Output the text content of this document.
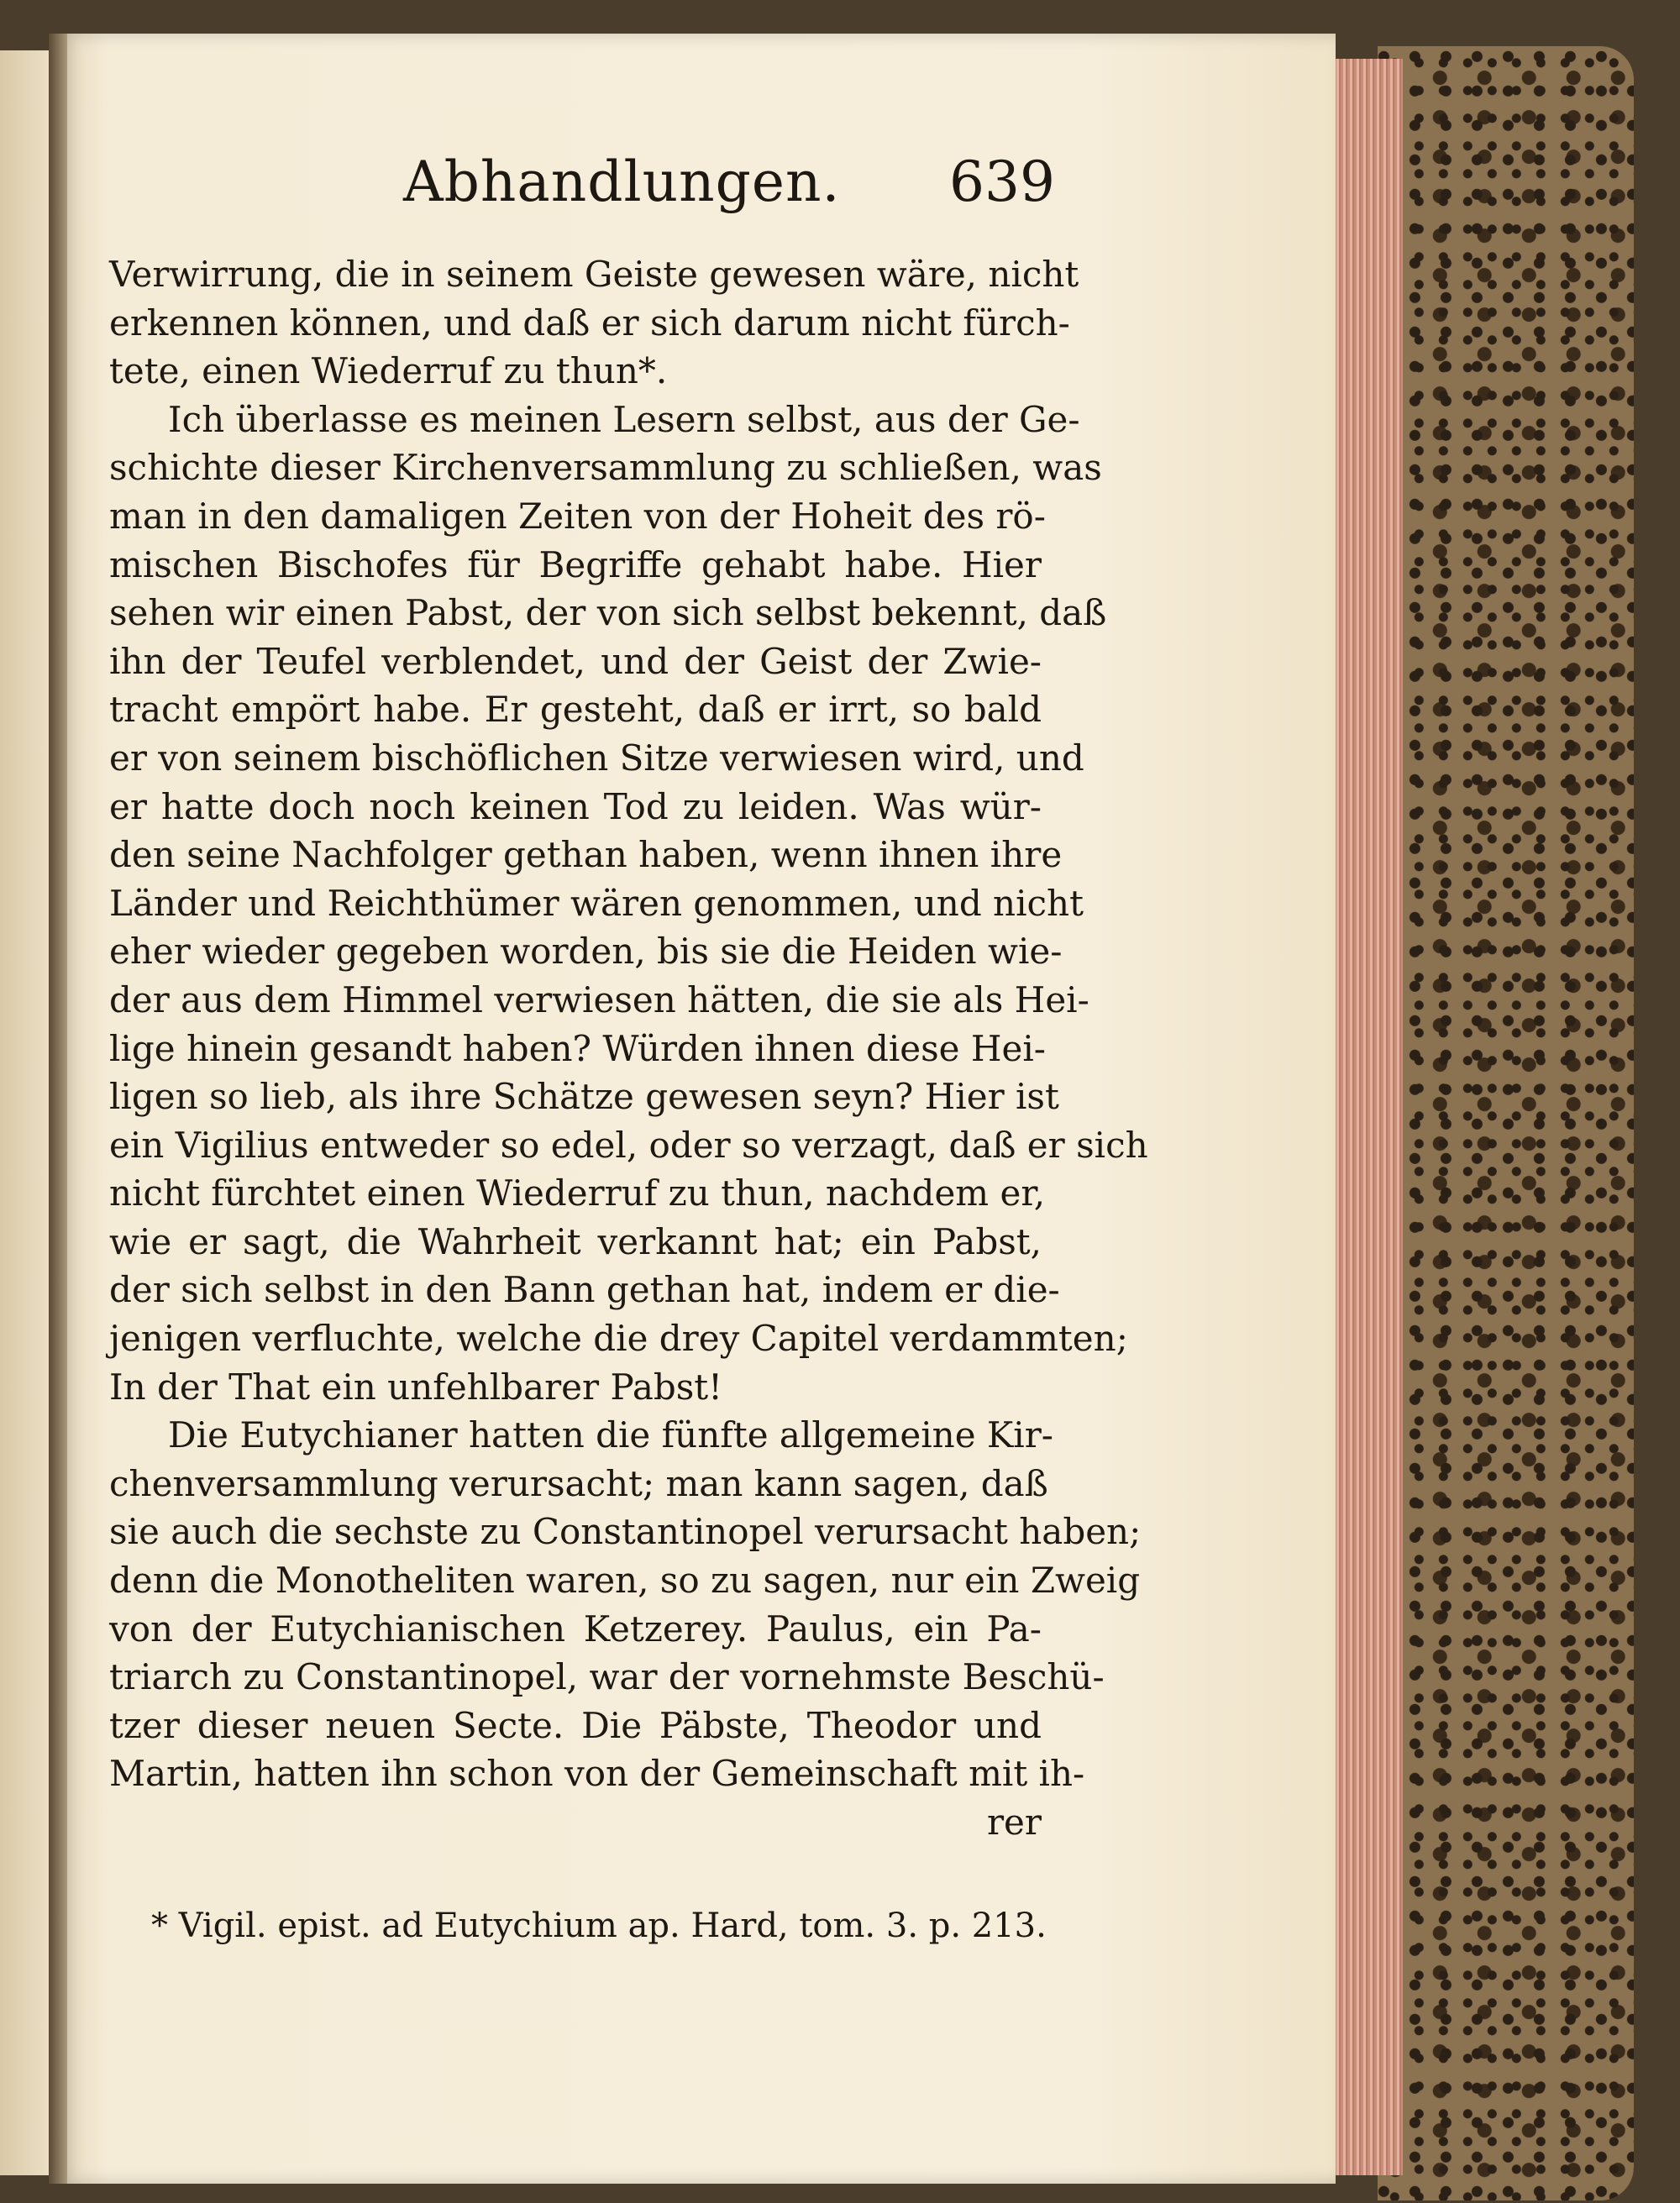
Abhandlungen. 639
Verwirrung, die in seinem Geiste gewesen wäre, nicht
erkennen können, und daß er sich darum nicht fürch-
tete, einen Wiederruf zu thun*.
Ich überlasse es meinen Lesern selbst, aus der Ge-
schichte dieser Kirchenversammlung zu schließen, was
man in den damaligen Zeiten von der Hoheit des rö-
mischen Bischofes für Begriffe gehabt habe. Hier
sehen wir einen Pabst, der von sich selbst bekennt, daß
ihn der Teufel verblendet, und der Geist der Zwie-
tracht empört habe. Er gesteht, daß er irrt, so bald
er von seinem bischöflichen Sitze verwiesen wird, und
er hatte doch noch keinen Tod zu leiden. Was wür-
den seine Nachfolger gethan haben, wenn ihnen ihre
Länder und Reichthümer wären genommen, und nicht
eher wieder gegeben worden, bis sie die Heiden wie-
der aus dem Himmel verwiesen hätten, die sie als Hei-
lige hinein gesandt haben? Würden ihnen diese Hei-
ligen so lieb, als ihre Schätze gewesen seyn? Hier ist
ein Vigilius entweder so edel, oder so verzagt, daß er sich
nicht fürchtet einen Wiederruf zu thun, nachdem er,
wie er sagt, die Wahrheit verkannt hat; ein Pabst,
der sich selbst in den Bann gethan hat, indem er die-
jenigen verfluchte, welche die drey Capitel verdammten;
In der That ein unfehlbarer Pabst!
Die Eutychianer hatten die fünfte allgemeine Kir-
chenversammlung verursacht; man kann sagen, daß
sie auch die sechste zu Constantinopel verursacht haben;
denn die Monotheliten waren, so zu sagen, nur ein Zweig
von der Eutychianischen Ketzerey. Paulus, ein Pa-
triarch zu Constantinopel, war der vornehmste Beschü-
tzer dieser neuen Secte. Die Päbste, Theodor und
Martin, hatten ihn schon von der Gemeinschaft mit ih-
rer
* Vigil. epist. ad Eutychium ap. Hard, tom. 3. p. 213.
